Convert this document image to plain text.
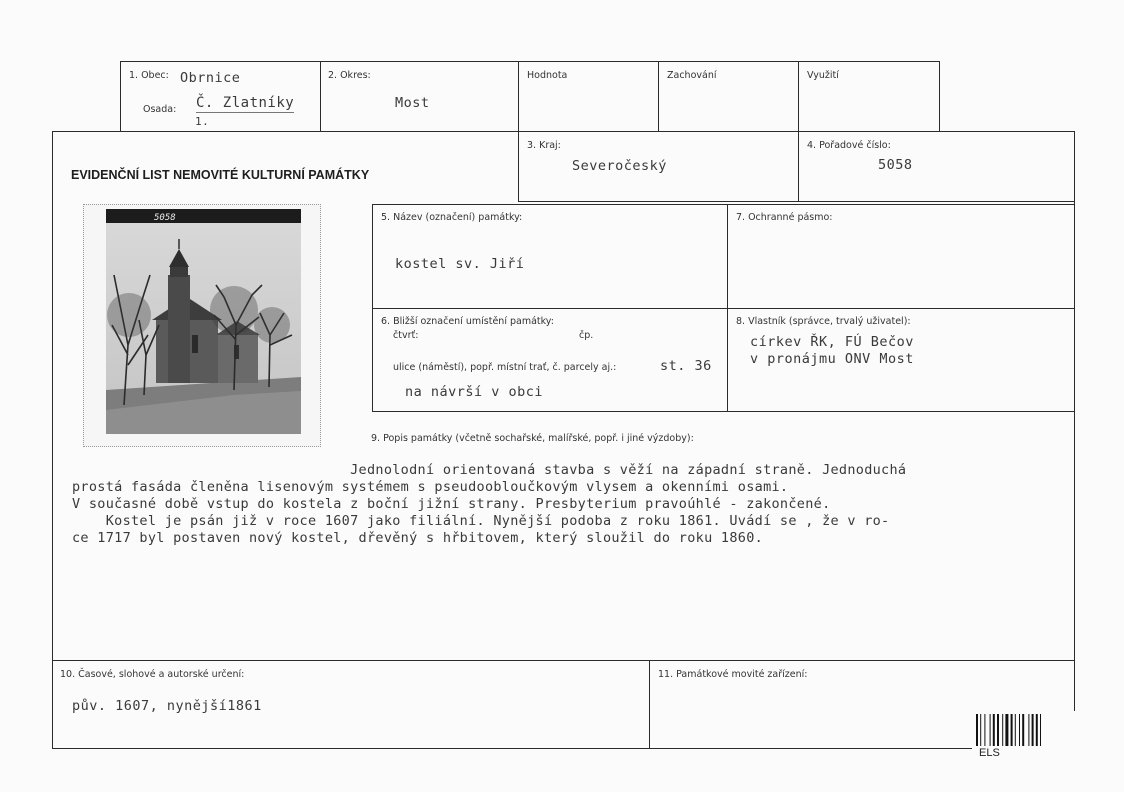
1. Obec: Obrnice
Osada: Č. Zlatníky
1.
2. Okres:
Most
Hodnota	Zachování	Využití
EVIDENČNÍ LIST NEMOVITÉ KULTURNÍ PAMÁTKY
3. Kraj:
Severočeský
4. Pořadové číslo:
5058
5058	5. Název (označení) památky:
kostel sv. Jiří
7. Ochranné pásmo:
6. Bližší označení umístění památky:
čtvrť:	čp.
ulice (náměstí), popř. místní trať, č. parcely aj.:	st. 36
na návrší v obci
8. Vlastník (správce, trvalý uživatel):
církev ŘK, FÚ Bečov
v pronájmu ONV Most
9. Popis památky (včetně sochařské, malířské, popř. i jiné výzdoby):
Jednolodní orientovaná stavba s věží na západní straně. Jednoduchá
prostá fasáda členěna lisenovým systémem s pseudoobloučkovým vlysem a okenními osami.
V současné době vstup do kostela z boční jižní strany. Presbyterium pravoúhlé - zakončené.
Kostel je psán již v roce 1607 jako filiální. Nynější podoba z roku 1861. Uvádí se , že v ro-
ce 1717 byl postaven nový kostel, dřevěný s hřbitovem, který sloužil do roku 1860.
10. Časové, slohové a autorské určení:
pův. 1607, nynější1861
11. Památkové movité zařízení:
ELS
